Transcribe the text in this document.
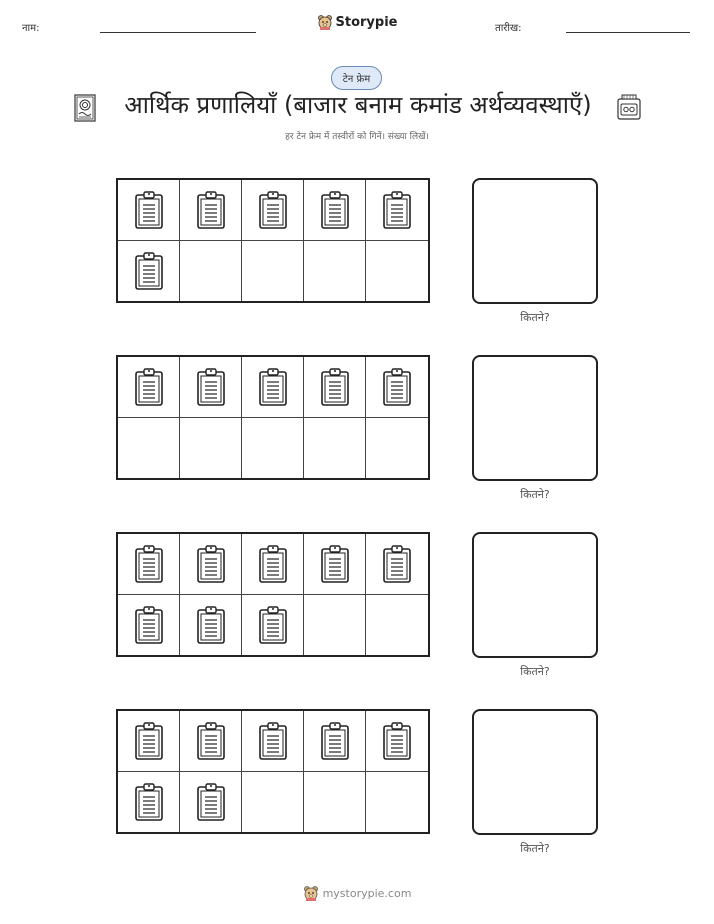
नाम:	Storypie	तारीख:
टेन फ्रेम
आर्थिक प्रणालियाँ (बाजार बनाम कमांड अर्थव्यवस्थाएँ)
हर टेन फ्रेम में तस्वीरों को गिनें। संख्या लिखें।
कितने?
कितने?
कितने?
कितने?
mystorypie.com
